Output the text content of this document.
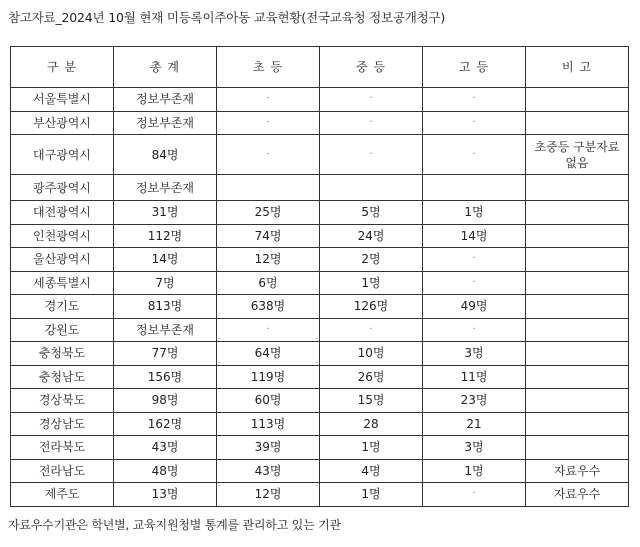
참고자료_2024년 10월 현재 미등록이주아동 교육현황(전국교육청 정보공개청구)
구 분	총 계	초 등	중 등	고 등	비 고
서울특별시	정보부존재	·	·	·	
부산광역시	정보부존재	·	·	·	
대구광역시	84명	·	·	·	초중등 구분자료
없음
광주광역시	정보부존재				
대전광역시	31명	25명	5명	1명	
인천광역시	112명	74명	24명	14명	
울산광역시	14명	12명	2명	·	
세종특별시	7명	6명	1명	·	
경기도	813명	638명	126명	49명	
강원도	정보부존재	·	·	·	
충청북도	77명	64명	10명	3명	
충청남도	156명	119명	26명	11명	
경상북도	98명	60명	15명	23명	
경상남도	162명	113명	28	21	
전라북도	43명	39명	1명	3명	
전라남도	48명	43명	4명	1명	자료우수
제주도	13명	12명	1명	·	자료우수
자료우수기관은 학년별, 교육지원청별 통계를 관리하고 있는 기관
